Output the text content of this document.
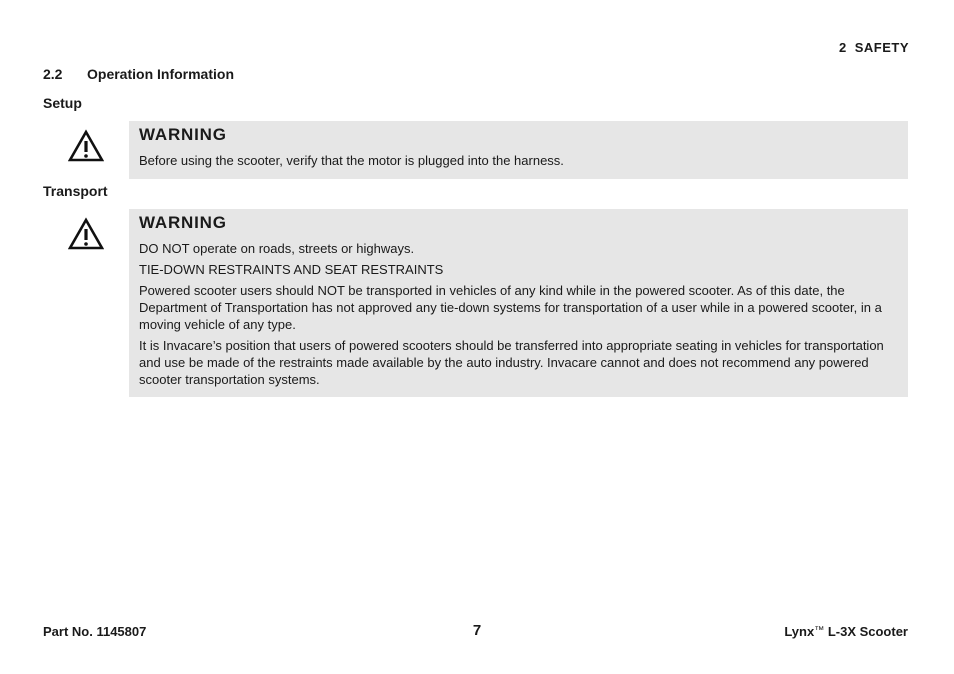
2 SAFETY
2.2 Operation Information
Setup
WARNING

Before using the scooter, verify that the motor is plugged into the harness.

Transport
WARNING

DO NOT operate on roads, streets or highways.

TIE-DOWN RESTRAINTS AND SEAT RESTRAINTS

Powered scooter users should NOT be transported in vehicles of any kind while in the powered scooter. As of this date, the Department of Transportation has not approved any tie-down systems for transportation of a user while in a powered scooter, in a moving vehicle of any type.

It is Invacare’s position that users of powered scooters should be transferred into appropriate seating in vehicles for transportation and use be made of the restraints made available by the auto industry. Invacare cannot and does not recommend any powered scooter transportation systems.

Part No. 1145807	7	Lynx™ L-3X Scooter
